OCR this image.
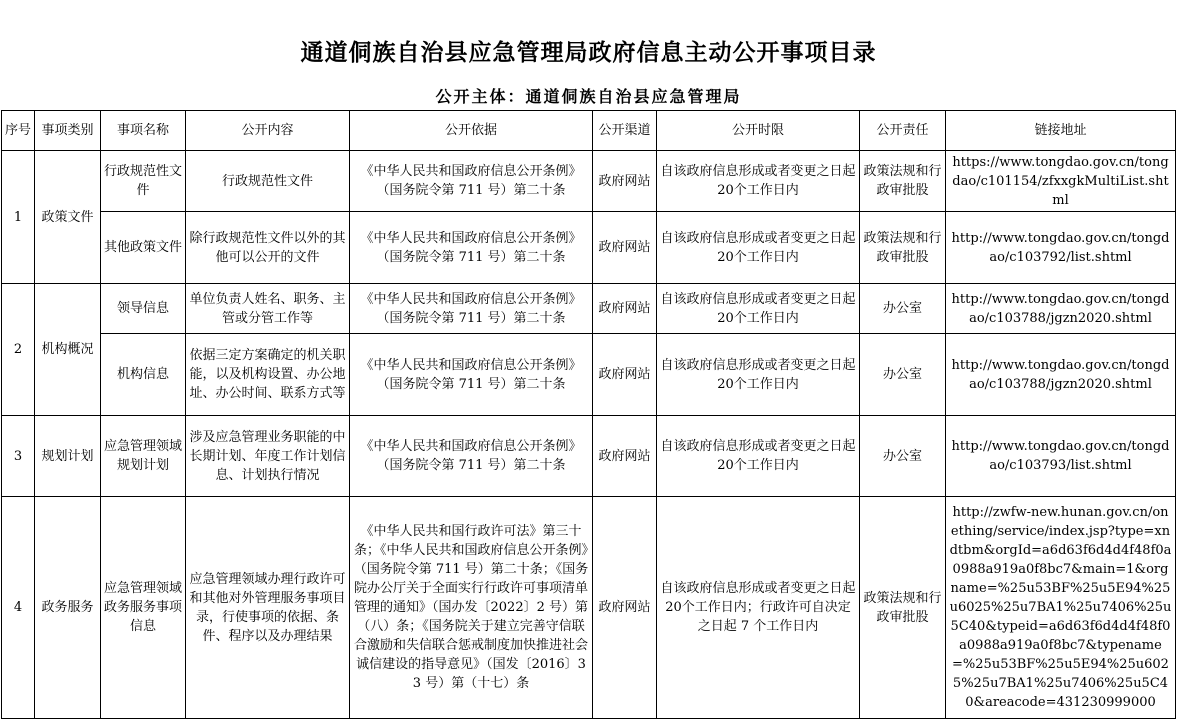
通道侗族自治县应急管理局政府信息主动公开事项目录
公开主体：通道侗族自治县应急管理局
序号	事项类别	事项名称	公开内容	公开依据	公开渠道	公开时限	公开责任	链接地址
1	政策文件	行政规范性文件	行政规范性文件	《中华人民共和国政府信息公开条例》（国务院令第 711 号）第二十条	政府网站	自该政府信息形成或者变更之日起 20个工作日内	政策法规和行政审批股	https://www.tongdao.gov.cn/tongdao/c101154/zfxxgkMultiList.shtml
		其他政策文件	除行政规范性文件以外的其他可以公开的文件	《中华人民共和国政府信息公开条例》（国务院令第 711 号）第二十条	政府网站	自该政府信息形成或者变更之日起 20个工作日内	政策法规和行政审批股	http://www.tongdao.gov.cn/tongdao/c103792/list.shtml
2	机构概况	领导信息	单位负责人姓名、职务、主管或分管工作等	《中华人民共和国政府信息公开条例》（国务院令第 711 号）第二十条	政府网站	自该政府信息形成或者变更之日起20个工作日内	办公室	http://www.tongdao.gov.cn/tongdao/c103788/jgzn2020.shtml
		机构信息	依据三定方案确定的机关职能，以及机构设置、办公地址、办公时间、联系方式等	《中华人民共和国政府信息公开条例》（国务院令第 711 号）第二十条	政府网站	自该政府信息形成或者变更之日起20个工作日内	办公室	http://www.tongdao.gov.cn/tongdao/c103788/jgzn2020.shtml
3	规划计划	应急管理领域规划计划	涉及应急管理业务职能的中长期计划、年度工作计划信息、计划执行情况	《中华人民共和国政府信息公开条例》（国务院令第 711 号）第二十条	政府网站	自该政府信息形成或者变更之日起20个工作日内	办公室	http://www.tongdao.gov.cn/tongdao/c103793/list.shtml
4	政务服务	应急管理领域政务服务事项信息	应急管理领域办理行政许可和其他对外管理服务事项目录，行使事项的依据、条件、程序以及办理结果	《中华人民共和国行政许可法》第三十条；《中华人民共和国政府信息公开条例》（国务院令第 711 号）第二十条；《国务院办公厅关于全面实行行政许可事项清单管理的通知》（国办发〔2022〕2 号）第（八）条；《国务院关于建立完善守信联合激励和失信联合惩戒制度加快推进社会诚信建设的指导意见》（国发〔2016〕33 号）第（十七）条	政府网站	自该政府信息形成或者变更之日起 20个工作日内；行政许可自决定之日起 7 个工作日内	政策法规和行政审批股	http://zwfw-new.hunan.gov.cn/onething/service/index.jsp?type=xndtbm&orgId=a6d63f6d4d4f48f0a0988a919a0f8bc7&main=1&orgname=%25u53BF%25u5E94%25u6025%25u7BA1%25u7406%25u5C40&typeid=a6d63f6d4d4f48f0a0988a919a0f8bc7&typename=%25u53BF%25u5E94%25u6025%25u7BA1%25u7406%25u5C40&areacode=431230999000
